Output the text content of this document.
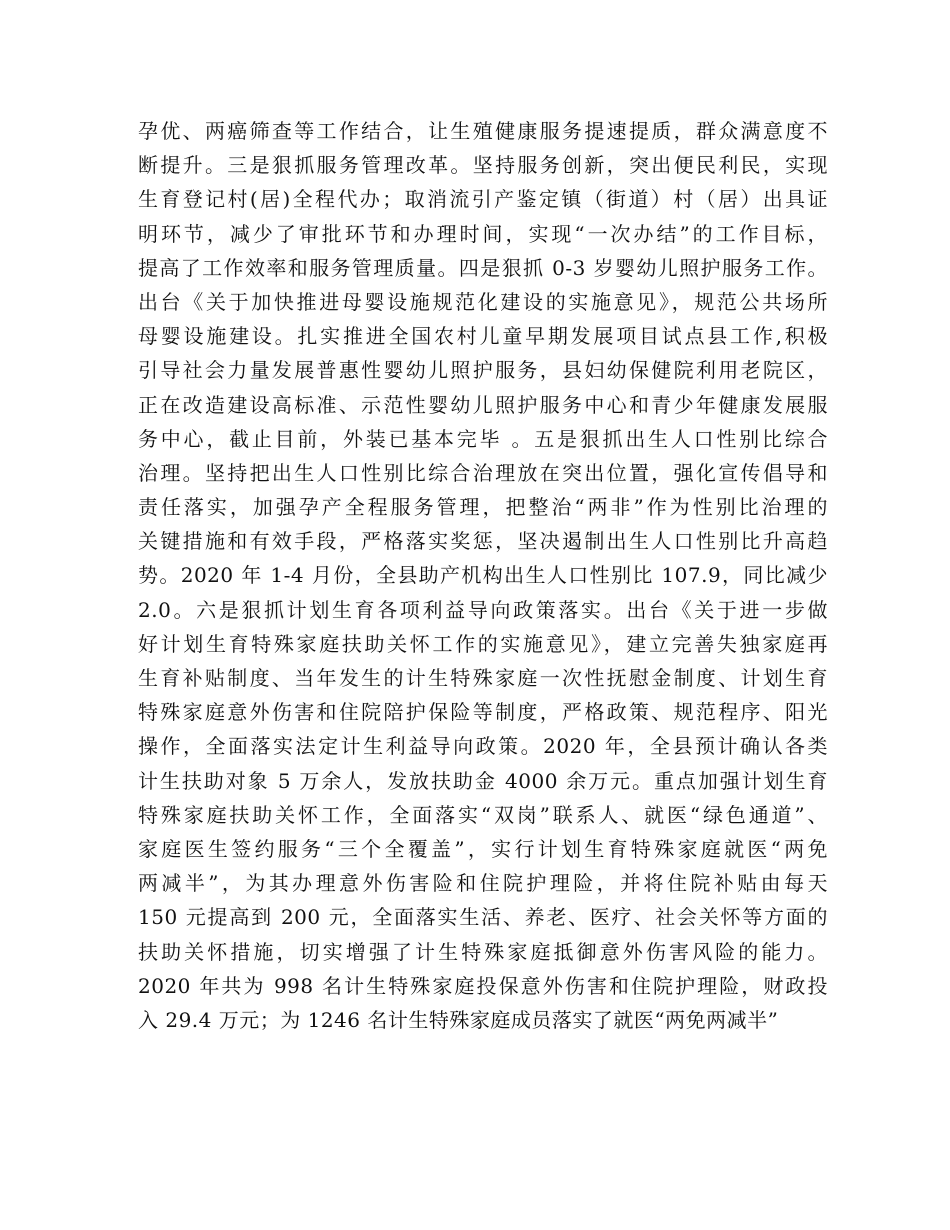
孕优、两癌筛查等工作结合，让生殖健康服务提速提质，群众满意度不
断提升。三是狠抓服务管理改革。坚持服务创新，突出便民利民，实现
生育登记村(居)全程代办；取消流引产鉴定镇（街道）村（居）出具证
明环节，减少了审批环节和办理时间，实现“一次办结”的工作目标，
提高了工作效率和服务管理质量。四是狠抓 0-3 岁婴幼儿照护服务工作。
出台《关于加快推进母婴设施规范化建设的实施意见》，规范公共场所
母婴设施建设。扎实推进全国农村儿童早期发展项目试点县工作,积极
引导社会力量发展普惠性婴幼儿照护服务，县妇幼保健院利用老院区，
正在改造建设高标准、示范性婴幼儿照护服务中心和青少年健康发展服
务中心，截止目前，外装已基本完毕 。五是狠抓出生人口性别比综合
治理。坚持把出生人口性别比综合治理放在突出位置，强化宣传倡导和
责任落实，加强孕产全程服务管理，把整治“两非”作为性别比治理的
关键措施和有效手段，严格落实奖惩，坚决遏制出生人口性别比升高趋
势。2020 年 1-4 月份，全县助产机构出生人口性别比 107.9，同比减少
2.0。六是狠抓计划生育各项利益导向政策落实。出台《关于进一步做
好计划生育特殊家庭扶助关怀工作的实施意见》，建立完善失独家庭再
生育补贴制度、当年发生的计生特殊家庭一次性抚慰金制度、计划生育
特殊家庭意外伤害和住院陪护保险等制度，严格政策、规范程序、阳光
操作，全面落实法定计生利益导向政策。2020 年，全县预计确认各类
计生扶助对象 5 万余人，发放扶助金 4000 余万元。重点加强计划生育
特殊家庭扶助关怀工作，全面落实“双岗”联系人、就医“绿色通道”、
家庭医生签约服务“三个全覆盖”，实行计划生育特殊家庭就医“两免
两减半”，为其办理意外伤害险和住院护理险，并将住院补贴由每天
150 元提高到 200 元，全面落实生活、养老、医疗、社会关怀等方面的
扶助关怀措施，切实增强了计生特殊家庭抵御意外伤害风险的能力。
2020 年共为 998 名计生特殊家庭投保意外伤害和住院护理险，财政投
入 29.4 万元；为 1246 名计生特殊家庭成员落实了就医“两免两减半”
